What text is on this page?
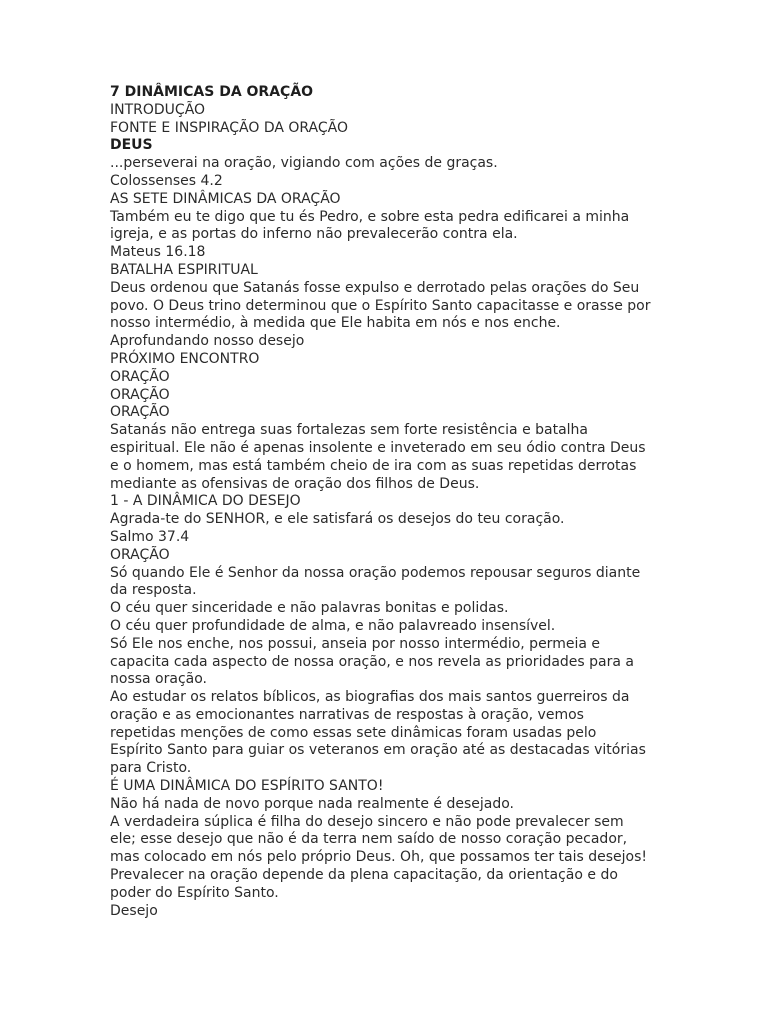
7 DINÂMICAS DA ORAÇÃO
INTRODUÇÃO
FONTE E INSPIRAÇÃO DA ORAÇÃO
DEUS
...perseverai na oração, vigiando com ações de graças.
Colossenses 4.2
AS SETE DINÂMICAS DA ORAÇÃO
Também eu te digo que tu és Pedro, e sobre esta pedra edificarei a minha
igreja, e as portas do inferno não prevalecerão contra ela.
Mateus 16.18
BATALHA ESPIRITUAL
Deus ordenou que Satanás fosse expulso e derrotado pelas orações do Seu
povo. O Deus trino determinou que o Espírito Santo capacitasse e orasse por
nosso intermédio, à medida que Ele habita em nós e nos enche.
Aprofundando nosso desejo
PRÓXIMO ENCONTRO
ORAÇÃO
ORAÇÃO
ORAÇÃO
Satanás não entrega suas fortalezas sem forte resistência e batalha
espiritual. Ele não é apenas insolente e inveterado em seu ódio contra Deus
e o homem, mas está também cheio de ira com as suas repetidas derrotas
mediante as ofensivas de oração dos filhos de Deus.
1 - A DINÂMICA DO DESEJO
Agrada-te do SENHOR, e ele satisfará os desejos do teu coração.
Salmo 37.4
ORAÇÃO
Só quando Ele é Senhor da nossa oração podemos repousar seguros diante
da resposta.
O céu quer sinceridade e não palavras bonitas e polidas.
O céu quer profundidade de alma, e não palavreado insensível.
Só Ele nos enche, nos possui, anseia por nosso intermédio, permeia e
capacita cada aspecto de nossa oração, e nos revela as prioridades para a
nossa oração.
Ao estudar os relatos bíblicos, as biografias dos mais santos guerreiros da
oração e as emocionantes narrativas de respostas à oração, vemos
repetidas menções de como essas sete dinâmicas foram usadas pelo
Espírito Santo para guiar os veteranos em oração até as destacadas vitórias
para Cristo.
É UMA DINÂMICA DO ESPÍRITO SANTO!
Não há nada de novo porque nada realmente é desejado.
A verdadeira súplica é filha do desejo sincero e não pode prevalecer sem
ele; esse desejo que não é da terra nem saído de nosso coração pecador,
mas colocado em nós pelo próprio Deus. Oh, que possamos ter tais desejos!
Prevalecer na oração depende da plena capacitação, da orientação e do
poder do Espírito Santo.
Desejo
